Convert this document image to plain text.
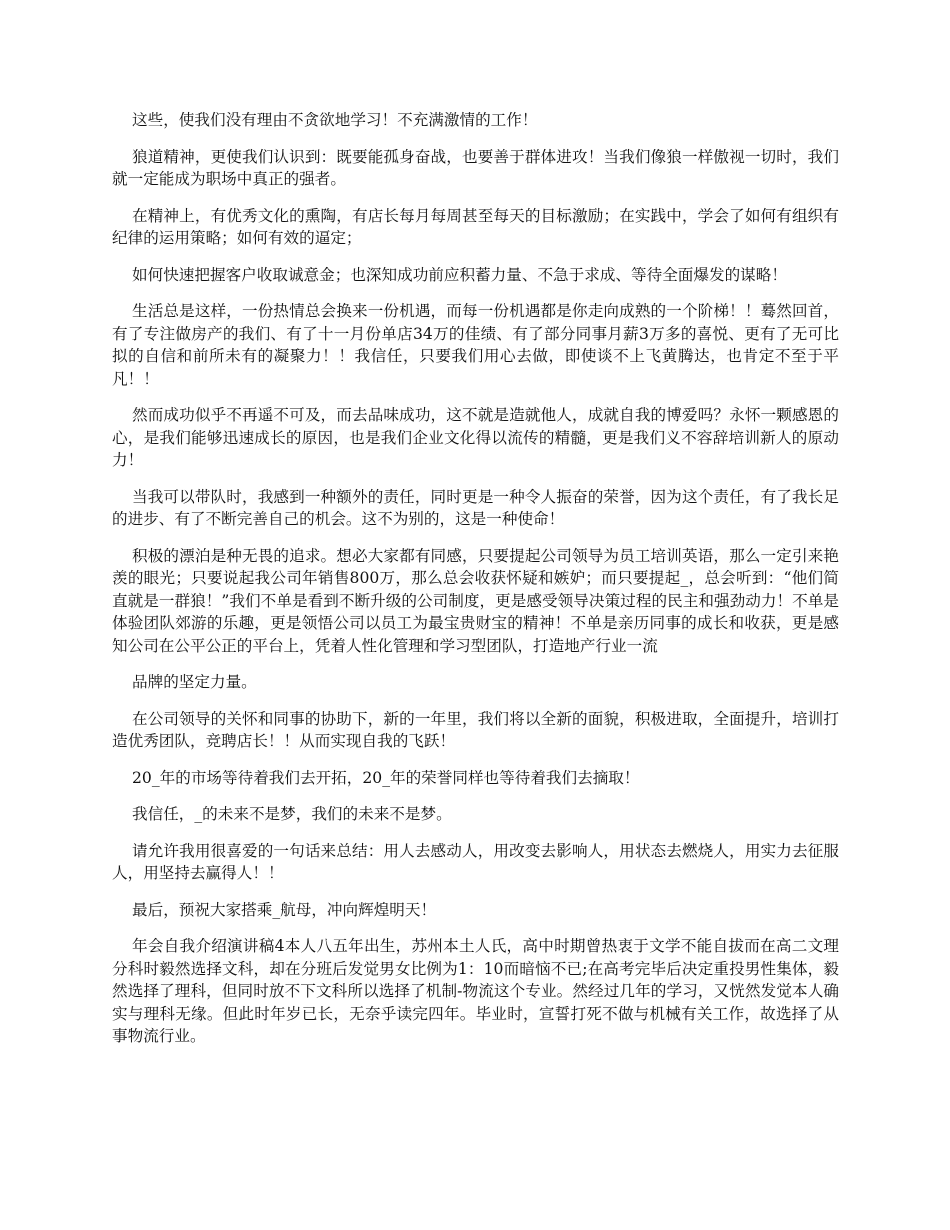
这些，使我们没有理由不贪欲地学习！不充满激情的工作！

狼道精神，更使我们认识到：既要能孤身奋战，也要善于群体进攻！当我们像狼一样傲视一切时，我们就一定能成为职场中真正的强者。

在精神上，有优秀文化的熏陶，有店长每月每周甚至每天的目标激励；在实践中，学会了如何有组织有纪律的运用策略；如何有效的逼定；

如何快速把握客户收取诚意金；也深知成功前应积蓄力量、不急于求成、等待全面爆发的谋略！

生活总是这样，一份热情总会换来一份机遇，而每一份机遇都是你走向成熟的一个阶梯！！蓦然回首，有了专注做房产的我们、有了十一月份单店34万的佳绩、有了部分同事月薪3万多的喜悦、更有了无可比拟的自信和前所未有的凝聚力！！我信任，只要我们用心去做，即使谈不上飞黄腾达，也肯定不至于平凡！！

然而成功似乎不再遥不可及，而去品味成功，这不就是造就他人，成就自我的博爱吗？永怀一颗感恩的心，是我们能够迅速成长的原因，也是我们企业文化得以流传的精髓，更是我们义不容辞培训新人的原动力！

当我可以带队时，我感到一种额外的责任，同时更是一种令人振奋的荣誉，因为这个责任，有了我长足的进步、有了不断完善自己的机会。这不为别的，这是一种使命！

积极的漂泊是种无畏的追求。想必大家都有同感，只要提起公司领导为员工培训英语，那么一定引来艳羡的眼光；只要说起我公司年销售800万，那么总会收获怀疑和嫉妒；而只要提起_，总会听到：“他们简直就是一群狼！”我们不单是看到不断升级的公司制度，更是感受领导决策过程的民主和强劲动力！不单是体验团队郊游的乐趣，更是领悟公司以员工为最宝贵财宝的精神！不单是亲历同事的成长和收获，更是感知公司在公平公正的平台上，凭着人性化管理和学习型团队，打造地产行业一流

品牌的坚定力量。

在公司领导的关怀和同事的协助下，新的一年里，我们将以全新的面貌，积极进取，全面提升，培训打造优秀团队，竞聘店长！！从而实现自我的飞跃！

20_年的市场等待着我们去开拓，20_年的荣誉同样也等待着我们去摘取！

我信任，_的未来不是梦，我们的未来不是梦。

请允许我用很喜爱的一句话来总结：用人去感动人，用改变去影响人，用状态去燃烧人，用实力去征服人，用坚持去赢得人！！

最后，预祝大家搭乘_航母，冲向辉煌明天！

年会自我介绍演讲稿4本人八五年出生，苏州本土人氏，高中时期曾热衷于文学不能自拔而在高二文理分科时毅然选择文科，却在分班后发觉男女比例为1：10而暗恼不已;在高考完毕后决定重投男性集体，毅然选择了理科，但同时放不下文科所以选择了机制-物流这个专业。然经过几年的学习，又恍然发觉本人确实与理科无缘。但此时年岁已长，无奈乎读完四年。毕业时，宣誓打死不做与机械有关工作，故选择了从事物流行业。
